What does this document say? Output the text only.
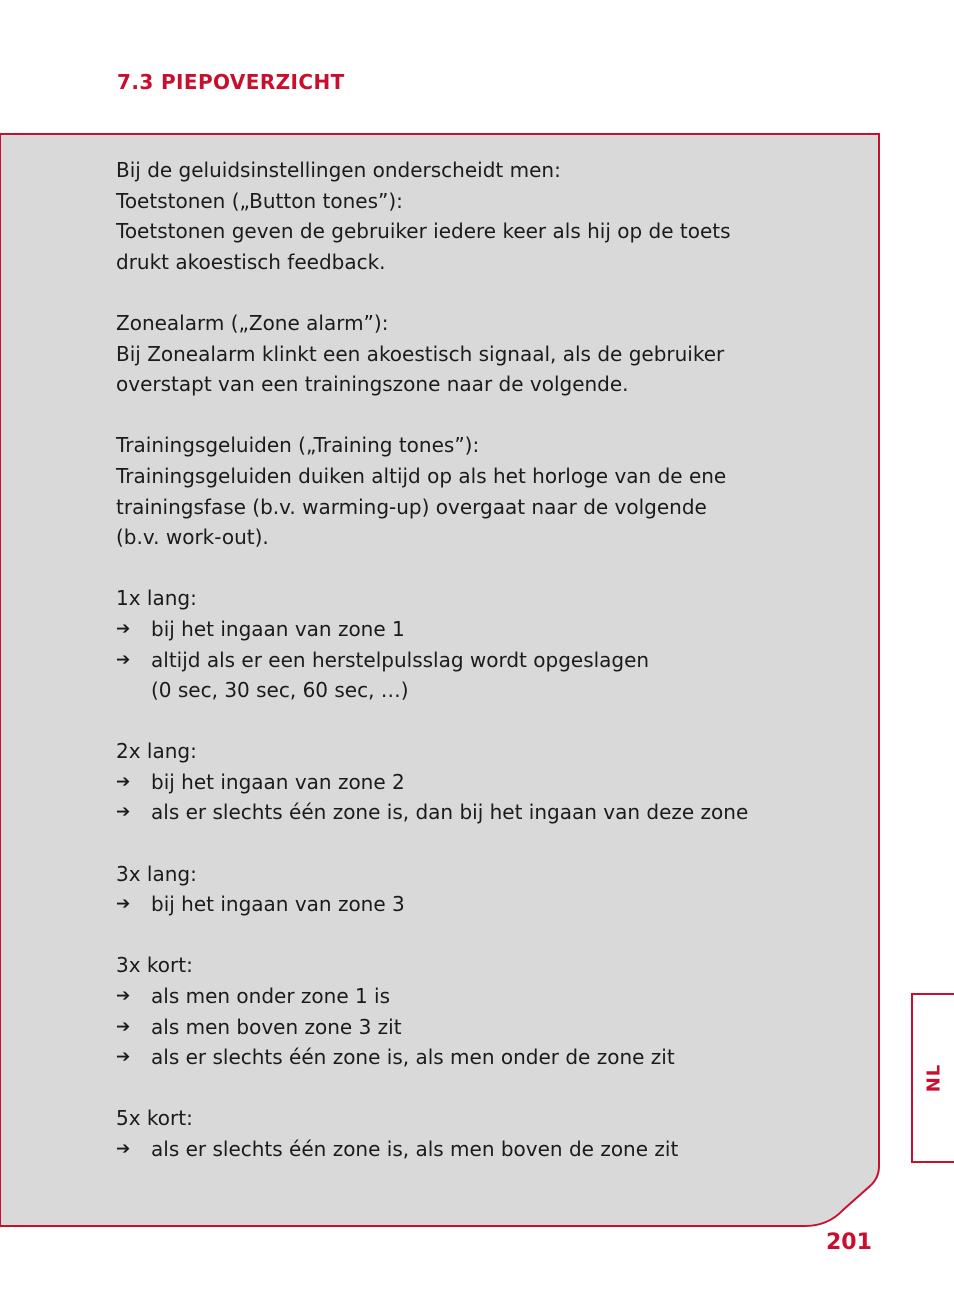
7.3 PIEPOVERZICHT

Bij de geluidsinstellingen onderscheidt men:

Toetstonen („Button tones”):

Toetstonen geven de gebruiker iedere keer als hij op de toets

drukt akoestisch feedback.

Zonealarm („Zone alarm”):

Bij Zonealarm klinkt een akoestisch signaal, als de gebruiker

overstapt van een trainingszone naar de volgende.

Trainingsgeluiden („Training tones”):

Trainingsgeluiden duiken altijd op als het horloge van de ene

trainingsfase (b.v. warming-up) overgaat naar de volgende

(b.v. work-out).

1x lang:

➔ bij het ingaan van zone 1

➔ altijd als er een herstelpulsslag wordt opgeslagen

(0 sec, 30 sec, 60 sec, …)

2x lang:

➔ bij het ingaan van zone 2

➔ als er slechts één zone is, dan bij het ingaan van deze zone

3x lang:

➔ bij het ingaan van zone 3

3x kort:

➔ als men onder zone 1 is

➔ als men boven zone 3 zit

➔ als er slechts één zone is, als men onder de zone zit

5x kort:

➔ als er slechts één zone is, als men boven de zone zit

NL
201
